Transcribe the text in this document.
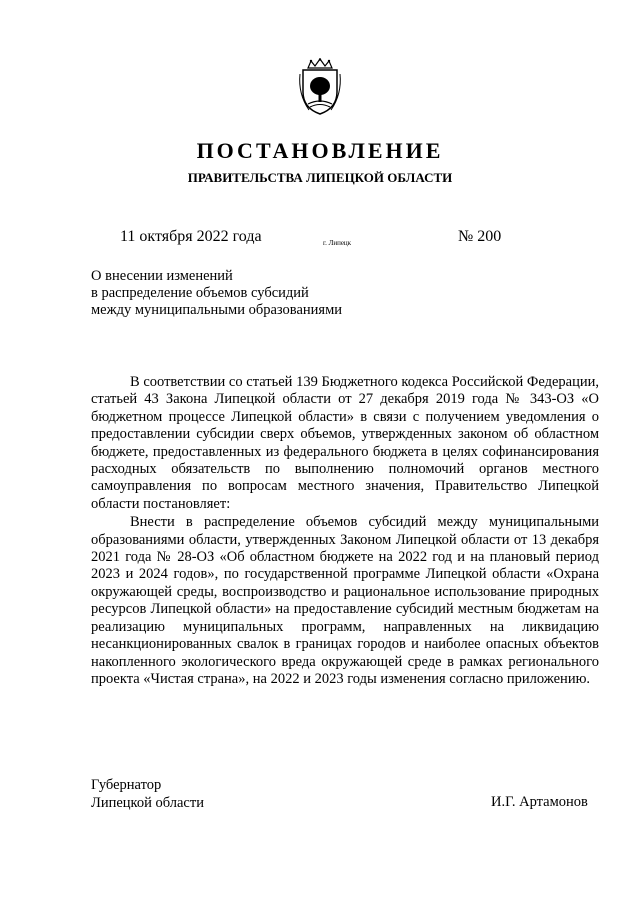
ПОСТАНОВЛЕНИЕ
ПРАВИТЕЛЬСТВА ЛИПЕЦКОЙ ОБЛАСТИ
11 октября 2022 года	г. Липецк	№ 200
О внесении изменений
в распределение объемов субсидий
между муниципальными образованиями

В соответствии со статьей 139 Бюджетного кодекса Российской Федерации, статьей 43 Закона Липецкой области от 27 декабря 2019 года № 343-ОЗ «О бюджетном процессе Липецкой области» в связи с получением уведомления о предоставлении субсидии сверх объемов, утвержденных законом об областном бюджете, предоставленных из федерального бюджета в целях софинансирования расходных обязательств по выполнению полномочий органов местного самоуправления по вопросам местного значения, Правительство Липецкой области постановляет:

Внести в распределение объемов субсидий между муниципальными образованиями области, утвержденных Законом Липецкой области от 13 декабря 2021 года № 28-ОЗ «Об областном бюджете на 2022 год и на плановый период 2023 и 2024 годов», по государственной программе Липецкой области «Охрана окружающей среды, воспроизводство и рациональное использование природных ресурсов Липецкой области» на предоставление субсидий местным бюджетам на реализацию муниципальных программ, направленных на ликвидацию несанкционированных свалок в границах городов и наиболее опасных объектов накопленного экологического вреда окружающей среде в рамках регионального проекта «Чистая страна», на 2022 и 2023 годы изменения согласно приложению.

Губернатор
Липецкой области	И.Г. Артамонов
